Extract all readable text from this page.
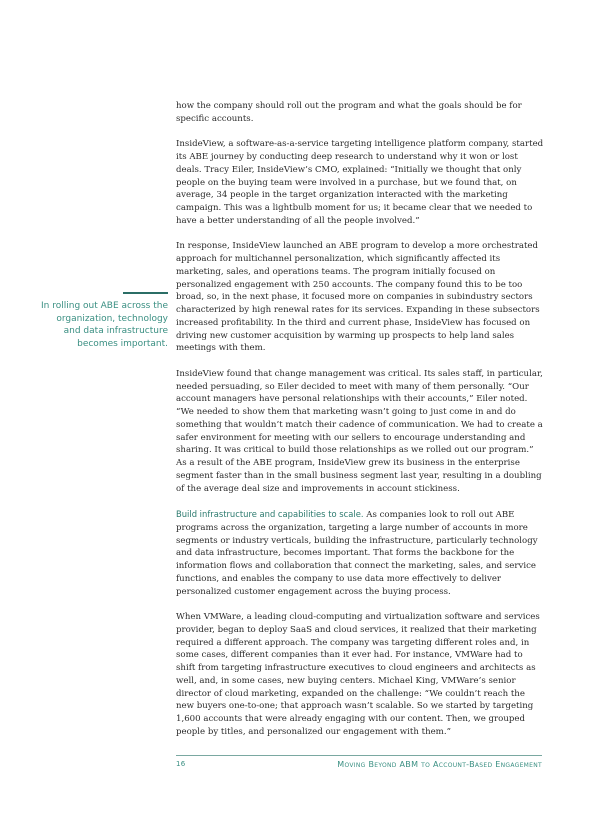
In rolling out ABE across the organization, technology and data infrastructure becomes important.

how the company should roll out the program and what the goals should be for specific accounts.

InsideView, a software-as-a-service targeting intelligence platform company, started its ABE journey by conducting deep research to understand why it won or lost deals. Tracy Eiler, InsideView’s CMO, explained: “Initially we thought that only people on the buying team were involved in a purchase, but we found that, on average, 34 people in the target organization interacted with the marketing campaign. This was a lightbulb moment for us; it became clear that we needed to have a better understanding of all the people involved.”

In response, InsideView launched an ABE program to develop a more orchestrated approach for multichannel personalization, which significantly affected its marketing, sales, and operations teams. The program initially focused on personalized engagement with 250 accounts. The company found this to be too broad, so, in the next phase, it focused more on companies in subindustry sectors characterized by high renewal rates for its services. Expanding in these subsectors increased profitability. In the third and current phase, InsideView has focused on driving new customer acquisition by warming up prospects to help land sales meetings with them.

InsideView found that change management was critical. Its sales staff, in particular, needed persuading, so Eiler decided to meet with many of them personally. “Our account managers have personal relationships with their accounts,” Eiler noted. “We needed to show them that marketing wasn’t going to just come in and do something that wouldn’t match their cadence of communication. We had to create a safer environment for meeting with our sellers to encourage understanding and sharing. It was critical to build those relationships as we rolled out our program.” As a result of the ABE program, InsideView grew its business in the enterprise segment faster than in the small business segment last year, resulting in a doubling of the average deal size and improvements in account stickiness.

Build infrastructure and capabilities to scale. As companies look to roll out ABE programs across the organization, targeting a large number of accounts in more segments or industry verticals, building the infrastructure, particularly technology and data infrastructure, becomes important. That forms the backbone for the information flows and collaboration that connect the marketing, sales, and service functions, and enables the company to use data more effectively to deliver personalized customer engagement across the buying process.

When VMWare, a leading cloud-computing and virtualization software and services provider, began to deploy SaaS and cloud services, it realized that their marketing required a different approach. The company was targeting different roles and, in some cases, different companies than it ever had. For instance, VMWare had to shift from targeting infrastructure executives to cloud engineers and architects as well, and, in some cases, new buying centers. Michael King, VMWare’s senior director of cloud marketing, expanded on the challenge: “We couldn’t reach the new buyers one-to-one; that approach wasn’t scalable. So we started by targeting 1,600 accounts that were already engaging with our content. Then, we grouped people by titles, and personalized our engagement with them.”

16	Moving Beyond ABM to Account-Based Engagement
